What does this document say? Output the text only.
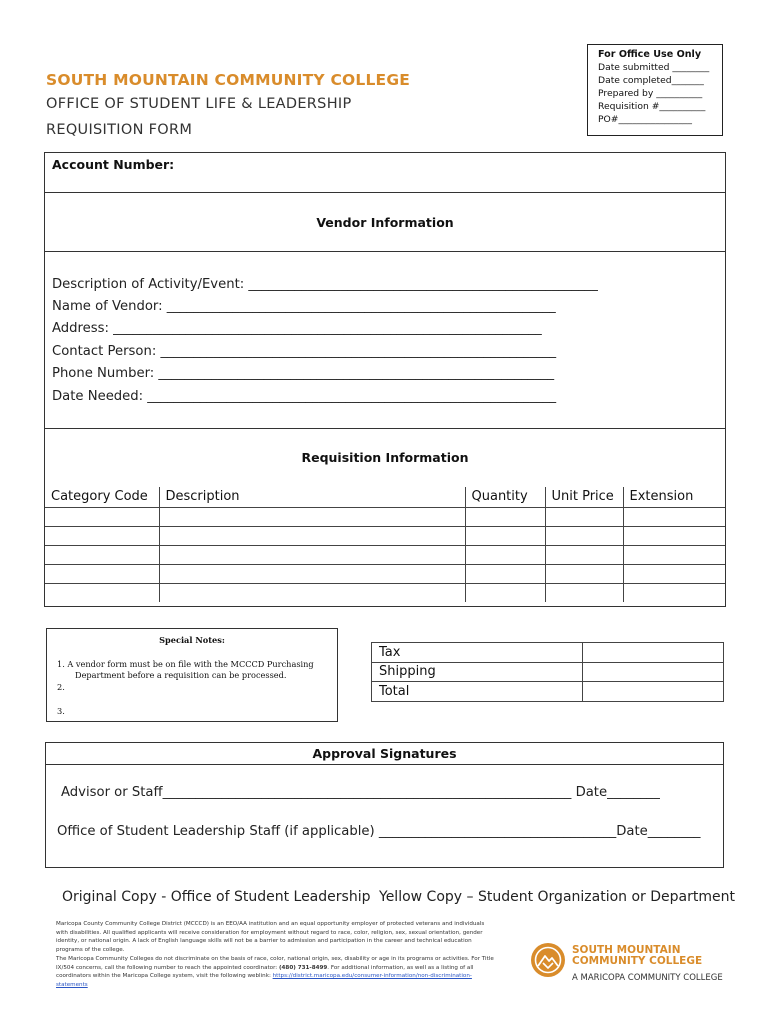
SOUTH MOUNTAIN COMMUNITY COLLEGE
OFFICE OF STUDENT LIFE & LEADERSHIP
REQUISITION FORM
For Office Use Only
Date submitted ________
Date completed_______
Prepared by __________
Requisition #__________
PO#________________
Account Number:
Vendor Information
Description of Activity/Event: _____________________________________________________
Name of Vendor: ___________________________________________________________
Address: _________________________________________________________________
Contact Person: ____________________________________________________________
Phone Number: ____________________________________________________________
Date Needed: ______________________________________________________________
Requisition Information
Category Code	Description	Quantity	Unit Price	Extension

Special Notes:
1. A vendor form must be on file with the MCCCD Purchasing
Department before a requisition can be processed.
2.
3.
Tax	
Shipping	
Total	
Approval Signatures
Advisor or Staff______________________________________________________________ Date________
Office of Student Leadership Staff (if applicable) ____________________________________Date________
Original Copy - Office of Student Leadership Yellow Copy – Student Organization or Department
Maricopa County Community College District (MCCCD) is an EEO/AA institution and an equal opportunity employer of protected veterans and individuals with disabilities. All qualified applicants will receive consideration for employment without regard to race, color, religion, sex, sexual orientation, gender identity, or national origin. A lack of English language skills will not be a barrier to admission and participation in the career and technical education programs of the college.
The Maricopa Community Colleges do not discriminate on the basis of race, color, national origin, sex, disability or age in its programs or activities. For Title IX/504 concerns, call the following number to reach the appointed coordinator: (480) 731-8499. For additional information, as well as a listing of all coordinators within the Maricopa College system, visit the following weblink: https://district.maricopa.edu/consumer-information/non-discrimination-statements
SOUTH MOUNTAIN
COMMUNITY COLLEGE
A MARICOPA COMMUNITY COLLEGE
